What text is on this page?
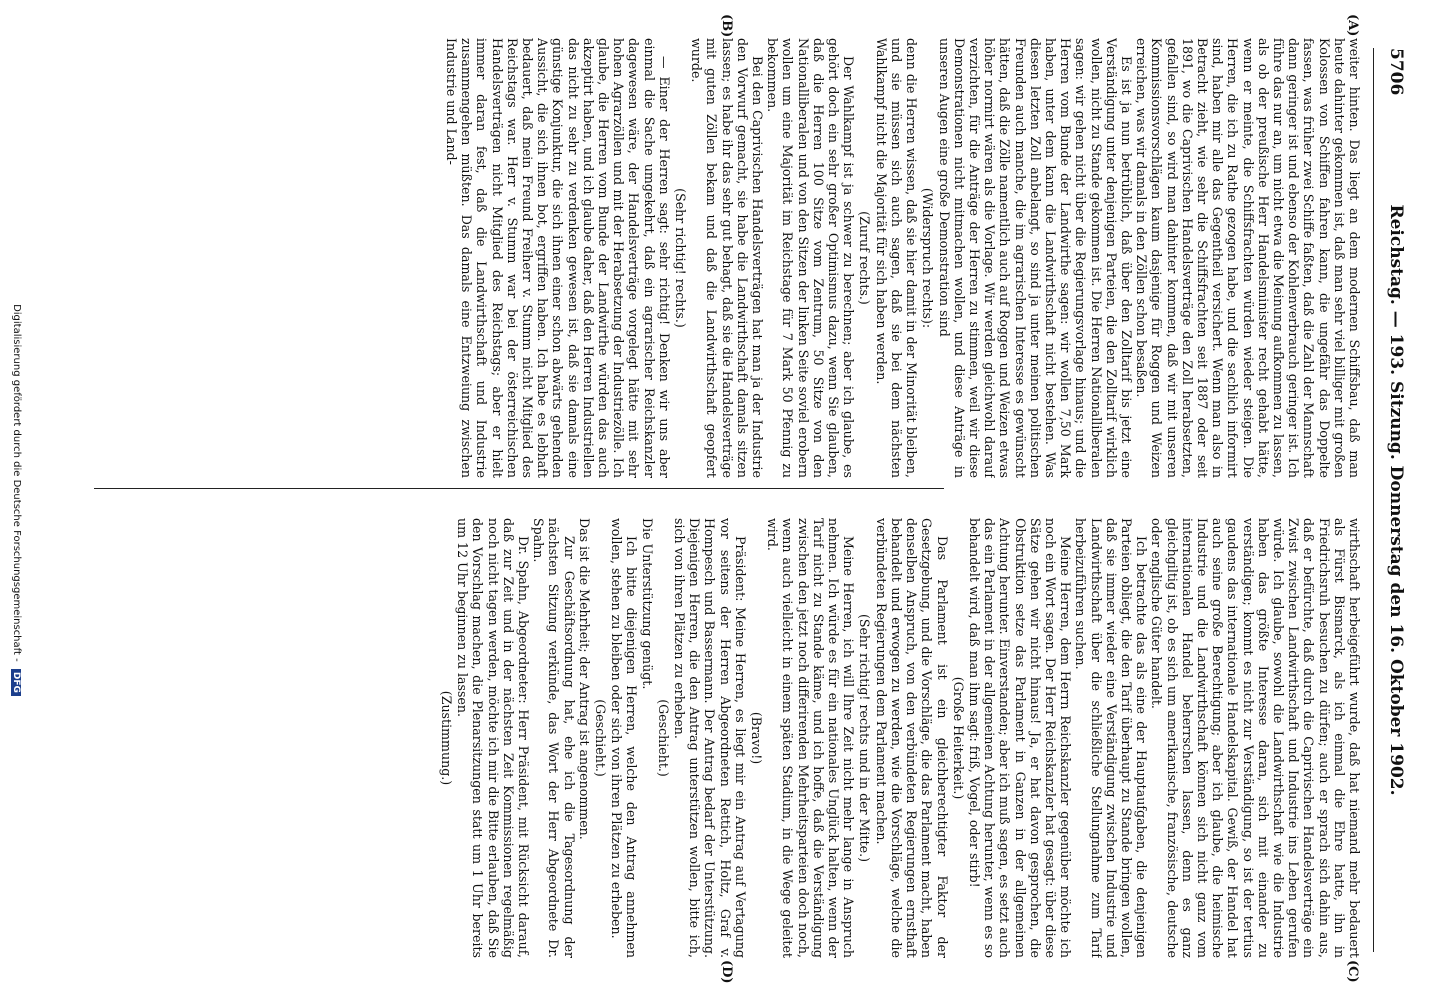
5706
Reichstag. — 193. Sitzung. Donnerstag den 16. Oktober 1902.
(A)
(B)
(C)
(D)

weiter hinten. Das liegt an dem modernen Schiffsbau, daß man heute dahinter gekommen ist, daß man sehr viel billiger mit großen Kolossen von Schiffen fahren kann, die ungefähr das Doppelte fassen, was früher zwei Schiffe faßten, daß die Zahl der Mannschaft dann geringer ist und ebenso der Kohlenverbrauch geringer ist. Ich führe das nur an, um nicht etwa die Meinung aufkommen zu lassen, als ob der preußische Herr Handelsminister recht gehabt hätte, wenn er meinte, die Schiffsfrachten würden wieder steigen. Die Herren, die ich zu Rathe gezogen habe, und die sachlich informirt sind, haben mir alle das Gegentheil versichert. Wenn man also in Betracht zieht, wie sehr die Schiffsfrachten seit 1887 oder seit 1891, wo die Caprivischen Handelsverträge den Zoll herabsetzten, gefallen sind, so wird man dahinter kommen, daß wir mit unseren Kommissionsvorschlägen kaum dasjenige für Roggen und Weizen erreichen, was wir damals in den Zöllen schon besaßen.

Es ist ja nun betrüblich, daß über den Zolltarif bis jetzt eine Verständigung unter denjenigen Parteien, die den Zolltarif wirklich wollen, nicht zu Stande gekommen ist. Die Herren Nationalliberalen sagen: wir gehen nicht über die Regierungsvorlage hinaus; und die Herren vom Bunde der Landwirthe sagen: wir wollen 7,50 Mark haben, unter dem kann die Landwirthschaft nicht bestehen. Was diesen letzten Zoll anbelangt, so sind ja unter meinen politischen Freunden auch manche, die im agrarischen Interesse es gewünscht hätten, daß die Zölle namentlich auch auf Roggen und Weizen etwas höher normirt wären als die Vorlage. Wir werden gleichwohl darauf verzichten, für die Anträge der Herren zu stimmen, weil wir diese Demonstrationen nicht mitmachen wollen, und diese Anträge in unseren Augen eine große Demonstration sind

(Widerspruch rechts):

denn die Herren wissen, daß sie hier damit in der Minorität bleiben, und sie müssen sich auch sagen, daß sie bei dem nächsten Wahlkampf nicht die Majorität für sich haben werden.

(Zuruf rechts.)

Der Wahlkampf ist ja schwer zu berechnen; aber ich glaube, es gehört doch ein sehr großer Optimismus dazu, wenn Sie glauben, daß die Herren 100 Sitze vom Zentrum, 50 Sitze von den Nationalliberalen und von den Sitzen der linken Seite soviel erobern wollen um eine Majorität im Reichstage für 7 Mark 50 Pfennig zu bekommen.

Bei den Caprivischen Handelsverträgen hat man ja der Industrie den Vorwurf gemacht, sie habe die Landwirthschaft damals sitzen lassen; es habe ihr das sehr gut behagt, daß sie die Handelsverträge mit guten Zöllen bekam und daß die Landwirthschaft geopfert wurde.

(Sehr richtig! rechts.)

— Einer der Herren sagt: sehr richtig! Denken wir uns aber einmal die Sache umgekehrt, daß ein agrarischer Reichskanzler dagewesen wäre, der Handelsverträge vorgelegt hätte mit sehr hohen Agrarzöllen und mit der Herabsetzung der Industriezölle. Ich glaube, die Herren vom Bunde der Landwirthe würden das auch akzeptirt haben, und ich glaube daher, daß den Herren Industriellen das nicht zu sehr zu verdenken gewesen ist, daß sie damals eine günstige Konjunktur, die sich ihnen einer schon abwärts gehenden Aussicht, die sich ihnen bot, ergriffen haben. Ich habe es lebhaft bedauert, daß mein Freund Freiherr v. Stumm nicht Mitglied des Reichstags war. Herr v. Stumm war bei der österreichischen Handelsverträgen nicht Mitglied des Reichstags; aber er hielt immer daran fest, daß die Landwirthschaft und Industrie zusammengehen müßten. Das damals eine Entzweiung zwischen Industrie und Land-

wirthschaft herbeigeführt wurde, daß hat niemand mehr bedauert als Fürst Bismarck, als ich einmal die Ehre hatte, ihn in Friedrichsruh besuchen zu dürfen; auch er sprach sich dahin aus, daß er befürchte, daß durch die Caprivischen Handelsverträge ein Zwist zwischen Landwirthschaft und Industrie ins Leben gerufen würde. Ich glaube, sowohl die Landwirthschaft wie die Industrie haben das größte Interesse daran, sich mit einander zu verständigen; kommt es nicht zur Verständigung, so ist der tertius gaudens das internationale Handelskapital. Gewiß, der Handel hat auch seine große Berechtigung; aber ich glaube, die heimische Industrie und die Landwirthschaft können sich nicht ganz vom internationalen Handel beherrschen lassen, denn es ganz gleichgiltig ist, ob es sich um amerikanische, französische, deutsche oder englische Güter handelt.

Ich betrachte das als eine der Hauptaufgaben, die denjenigen Parteien obliegt, die den Tarif überhaupt zu Stande bringen wollen, daß sie immer wieder eine Verständigung zwischen Industrie und Landwirthschaft über die schließliche Stellungnahme zum Tarif herbeizuführen suchen.

Meine Herren, dem Herrn Reichskanzler gegenüber möchte ich noch ein Wort sagen. Der Herr Reichskanzler hat gesagt: über diese Sätze gehen wir nicht hinaus! Ja, er hat davon gesprochen, die Obstruktion setze das Parlament in Ganzen in der allgemeinen Achtung herunter. Einverstanden; aber ich muß sagen, es setzt auch das ein Parlament in der allgemeinen Achtung herunter, wenn es so behandelt wird, daß man ihm sagt: friß, Vogel, oder stirb!

(Große Heiterkeit.)

Das Parlament ist ein gleichberechtigter Faktor der Gesetzgebung, und die Vorschläge, die das Parlament macht, haben denselben Anspruch, von den verbündeten Regierungen ernsthaft behandelt und erwogen zu werden, wie die Vorschläge, welche die verbündeten Regierungen dem Parlament machen.

(Sehr richtig! rechts und in der Mitte.)

Meine Herren, ich will Ihre Zeit nicht mehr lange in Anspruch nehmen. Ich würde es für ein nationales Unglück halten, wenn der Tarif nicht zu Stande käme, und ich hoffe, daß die Verständigung zwischen den jetzt noch differirenden Mehrheitsparteien doch noch, wenn auch vielleicht in einem späten Stadium, in die Wege geleitet wird.

(Bravo!)

Präsident: Meine Herren, es liegt mir ein Antrag auf Vertagung vor seitens der Herren Abgeordneten Rettich, Holtz, Graf v. Hompesch und Bassermann. Der Antrag bedarf der Unterstützung. Diejenigen Herren, die den Antrag unterstützen wollen, bitte ich, sich von ihren Plätzen zu erheben.

(Geschieht.)

Die Unterstützung genügt.

Ich bitte diejenigen Herren, welche den Antrag annehmen wollen, stehen zu bleiben oder sich von ihren Plätzen zu erheben.

(Geschieht.)

Das ist die Mehrheit; der Antrag ist angenommen.

Zur Geschäftsordnung hat, ehe ich die Tagesordnung der nächsten Sitzung verkünde, das Wort der Herr Abgeordnete Dr. Spahn.

Dr. Spahn, Abgeordneter: Herr Präsident, mit Rücksicht darauf, daß zur Zeit und in der nächsten Zeit Kommissionen regelmäßig noch nicht tagen werden, möchte ich mir die Bitte erlauben, daß Sie den Vorschlag machen, die Plenarsitzungen statt um 1 Uhr bereits um 12 Uhr beginnen zu lassen.

(Zustimmung.)

Digitalisierung gefördert durch die Deutsche Forschungsgemeinschaft - DFG
